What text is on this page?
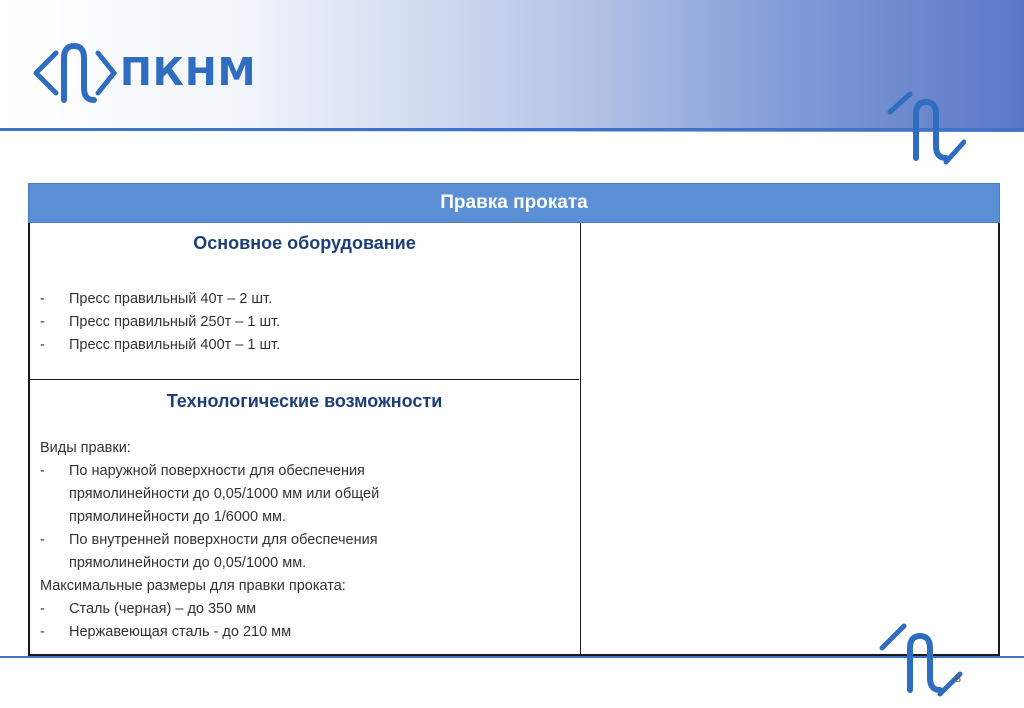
ПКНМ
Правка проката
Основное оборудование
- Пресс правильный 40т – 2 шт.
- Пресс правильный 250т – 1 шт.
- Пресс правильный 400т – 1 шт.
Технологические возможности
Виды правки:
- По наружной поверхности для обеспечения
прямолинейности до 0,05/1000 мм или общей
прямолинейности до 1/6000 мм.
- По внутренней поверхности для обеспечения
прямолинейности до 0,05/1000 мм.
Максимальные размеры для правки проката:
- Сталь (черная) – до 350 мм
- Нержавеющая сталь - до 210 мм
8
